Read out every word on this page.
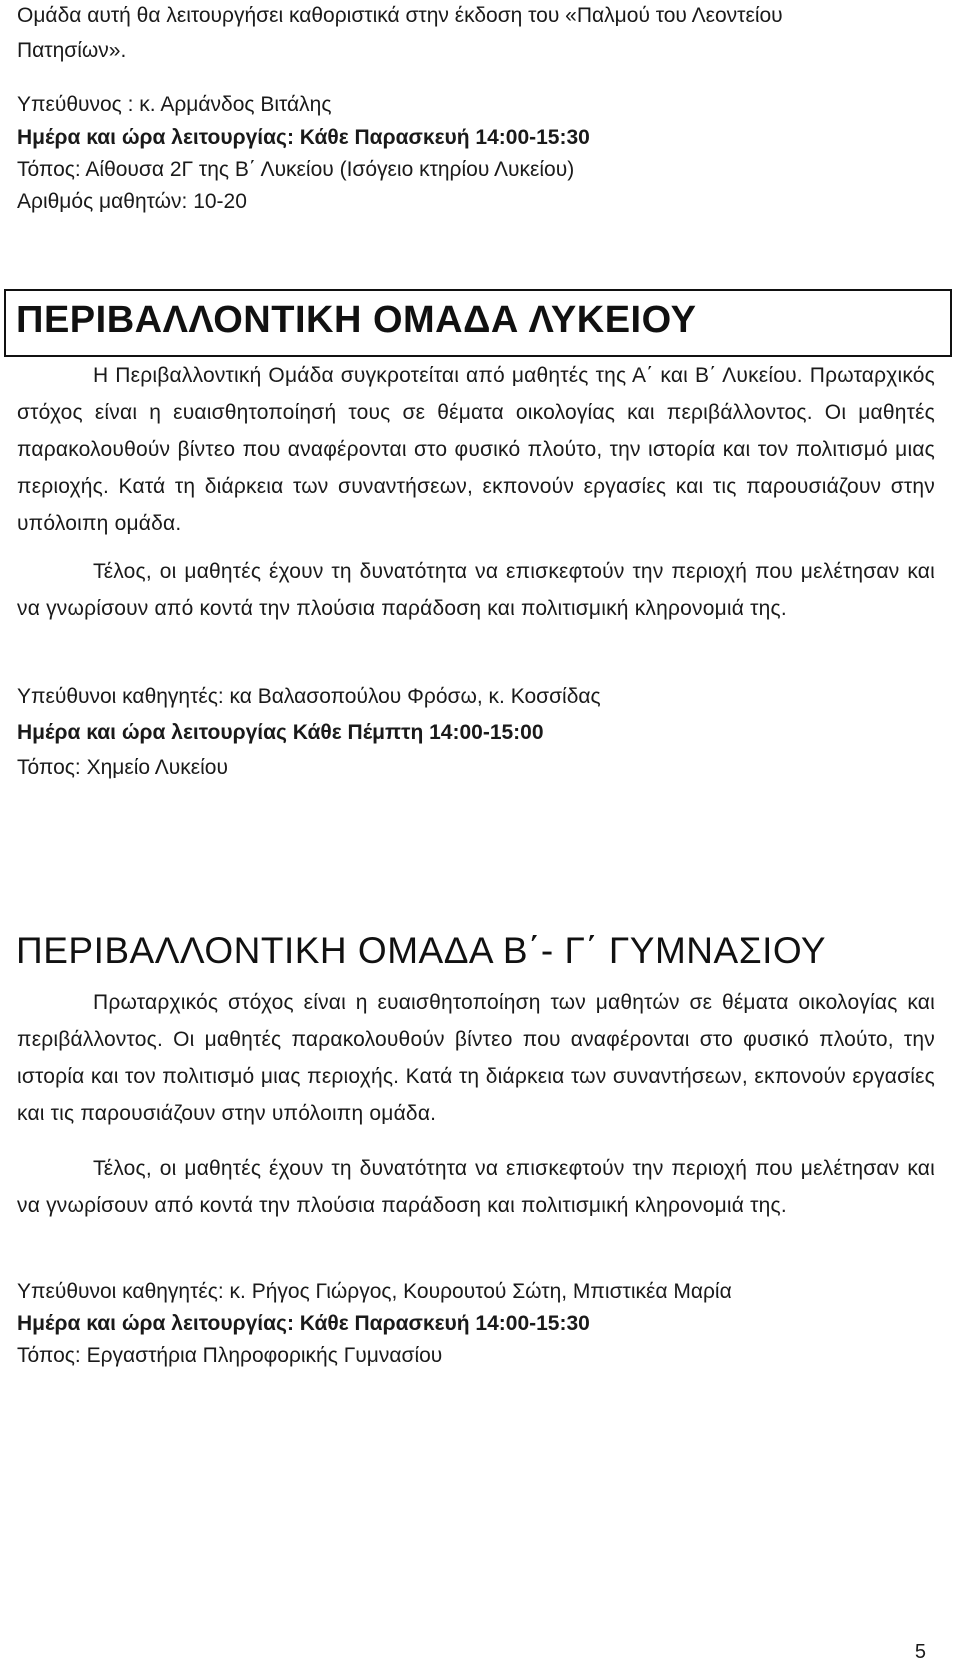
Ομάδα αυτή θα λειτουργήσει καθοριστικά στην έκδοση του «Παλμού του Λεοντείου
Πατησίων».
Υπεύθυνος : κ. Αρμάνδος Βιτάλης
Ημέρα και ώρα λειτουργίας: Κάθε Παρασκευή 14:00-15:30
Τόπος: Αίθουσα 2Γ της Β΄ Λυκείου (Ισόγειο κτηρίου Λυκείου)
Αριθμός μαθητών: 10-20
ΠΕΡΙΒΑΛΛΟΝΤΙΚΗ ΟΜΑΔΑ ΛΥΚΕΙΟΥ

Η Περιβαλλοντική Ομάδα συγκροτείται από μαθητές της Α΄ και Β΄ Λυκείου. Πρωταρχικός στόχος είναι η ευαισθητοποίησή τους σε θέματα οικολογίας και περιβάλλοντος. Οι μαθητές παρακολουθούν βίντεο που αναφέρονται στο φυσικό πλούτο, την ιστορία και τον πολιτισμό μιας περιοχής. Κατά τη διάρκεια των συναντήσεων, εκπονούν εργασίες και τις παρουσιάζουν στην υπόλοιπη ομάδα.

Τέλος, οι μαθητές έχουν τη δυνατότητα να επισκεφτούν την περιοχή που μελέτησαν και να γνωρίσουν από κοντά την πλούσια παράδοση και πολιτισμική κληρονομιά της.

Υπεύθυνοι καθηγητές: κα Βαλασοπούλου Φρόσω, κ. Κοσσίδας
Ημέρα και ώρα λειτουργίας Κάθε Πέμπτη 14:00-15:00
Τόπος: Χημείο Λυκείου
ΠΕΡΙΒΑΛΛΟΝΤΙΚΗ ΟΜΑΔΑ Β΄- Γ΄ ΓΥΜΝΑΣΙΟΥ

Πρωταρχικός στόχος είναι η ευαισθητοποίηση των μαθητών σε θέματα οικολογίας και περιβάλλοντος. Οι μαθητές παρακολουθούν βίντεο που αναφέρονται στο φυσικό πλούτο, την ιστορία και τον πολιτισμό μιας περιοχής. Κατά τη διάρκεια των συναντήσεων, εκπονούν εργασίες και τις παρουσιάζουν στην υπόλοιπη ομάδα.

Τέλος, οι μαθητές έχουν τη δυνατότητα να επισκεφτούν την περιοχή που μελέτησαν και να γνωρίσουν από κοντά την πλούσια παράδοση και πολιτισμική κληρονομιά της.

Υπεύθυνοι καθηγητές: κ. Ρήγος Γιώργος, Κουρουτού Σώτη, Μπιστικέα Μαρία
Ημέρα και ώρα λειτουργίας: Κάθε Παρασκευή 14:00-15:30
Τόπος: Εργαστήρια Πληροφορικής Γυμνασίου
5
